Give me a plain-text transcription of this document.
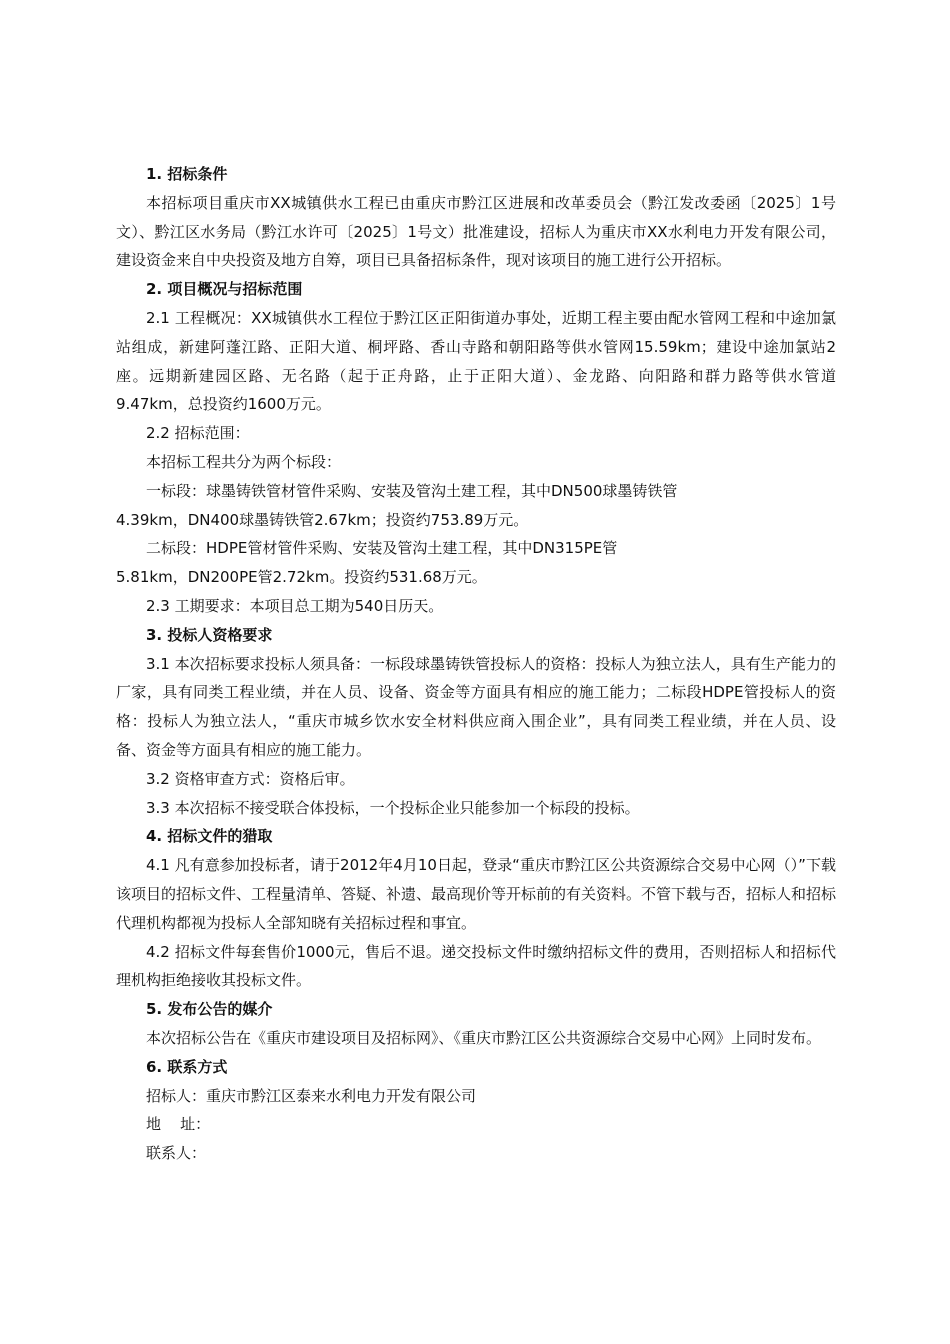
1. 招标条件

本招标项目重庆市XX城镇供水工程已由重庆市黔江区进展和改革委员会（黔江发改委函〔2025〕1号文）、黔江区水务局（黔江水许可〔2025〕1号文）批准建设，招标人为重庆市XX水利电力开发有限公司，建设资金来自中央投资及地方自筹，项目已具备招标条件，现对该项目的施工进行公开招标。

2. 项目概况与招标范围

2.1 工程概况：XX城镇供水工程位于黔江区正阳街道办事处，近期工程主要由配水管网工程和中途加氯站组成，新建阿蓬江路、正阳大道、桐坪路、香山寺路和朝阳路等供水管网15.59km；建设中途加氯站2座。远期新建园区路、无名路（起于正舟路，止于正阳大道）、金龙路、向阳路和群力路等供水管道9.47km，总投资约1600万元。

2.2 招标范围：

本招标工程共分为两个标段：

一标段：球墨铸铁管材管件采购、安装及管沟土建工程，其中DN500球墨铸铁管

4.39km，DN400球墨铸铁管2.67km；投资约753.89万元。

二标段：HDPE管材管件采购、安装及管沟土建工程，其中DN315PE管

5.81km，DN200PE管2.72km。投资约531.68万元。

2.3 工期要求：本项目总工期为540日历天。

3. 投标人资格要求

3.1 本次招标要求投标人须具备：一标段球墨铸铁管投标人的资格：投标人为独立法人，具有生产能力的厂家，具有同类工程业绩，并在人员、设备、资金等方面具有相应的施工能力；二标段HDPE管投标人的资格：投标人为独立法人，“重庆市城乡饮水安全材料供应商入围企业”，具有同类工程业绩，并在人员、设备、资金等方面具有相应的施工能力。

3.2 资格审查方式：资格后审。

3.3 本次招标不接受联合体投标，一个投标企业只能参加一个标段的投标。

4. 招标文件的猎取

4.1 凡有意参加投标者，请于2012年4月10日起，登录“重庆市黔江区公共资源综合交易中心网（）”下载该项目的招标文件、工程量清单、答疑、补遗、最高现价等开标前的有关资料。不管下载与否，招标人和招标代理机构都视为投标人全部知晓有关招标过程和事宜。

4.2 招标文件每套售价1000元，售后不退。递交投标文件时缴纳招标文件的费用，否则招标人和招标代理机构拒绝接收其投标文件。

5. 发布公告的媒介

本次招标公告在《重庆市建设项目及招标网》、《重庆市黔江区公共资源综合交易中心网》上同时发布。

6. 联系方式

招标人：重庆市黔江区泰来水利电力开发有限公司

地    址：

联系人：
